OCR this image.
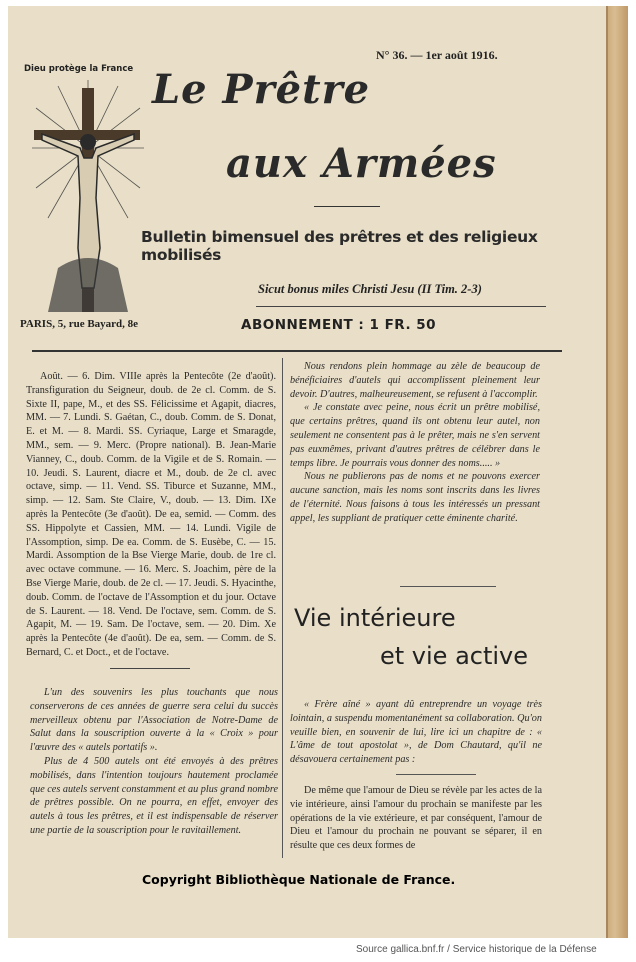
Dieu protège la France
N° 36. — 1er août 1916.
Le Prêtre
aux Armées
Bulletin bimensuel des prêtres et des religieux mobilisés
Sicut bonus miles Christi Jesu (II Tim. 2-3)
PARIS, 5, rue Bayard, 8e	ABONNEMENT : 1 FR. 50

Août. — 6. Dim. VIIIe après la Pentecôte (2e d'août). Transfiguration du Seigneur, doub. de 2e cl. Comm. de S. Sixte II, pape, M., et des SS. Félicissime et Agapit, diacres, MM. — 7. Lundi. S. Gaétan, C., doub. Comm. de S. Donat, E. et M. — 8. Mardi. SS. Cyriaque, Large et Smaragde, MM., sem. — 9. Merc. (Propre national). B. Jean-Marie Vianney, C., doub. Comm. de la Vigile et de S. Romain. — 10. Jeudi. S. Laurent, diacre et M., doub. de 2e cl. avec octave, simp. — 11. Vend. SS. Tiburce et Suzanne, MM., simp. — 12. Sam. Ste Claire, V., doub. — 13. Dim. IXe après la Pentecôte (3e d'août). De ea, semid. — Comm. des SS. Hippolyte et Cassien, MM. — 14. Lundi. Vigile de l'Assomption, simp. De ea. Comm. de S. Eusèbe, C. — 15. Mardi. Assomption de la Bse Vierge Marie, doub. de 1re cl. avec octave commune. — 16. Merc. S. Joachim, père de la Bse Vierge Marie, doub. de 2e cl. — 17. Jeudi. S. Hyacinthe, doub. Comm. de l'octave de l'Assomption et du jour. Octave de S. Laurent. — 18. Vend. De l'octave, sem. Comm. de S. Agapit, M. — 19. Sam. De l'octave, sem. — 20. Dim. Xe après la Pentecôte (4e d'août). De ea, sem. — Comm. de S. Bernard, C. et Doct., et de l'octave.

L'un des souvenirs les plus touchants que nous conserverons de ces années de guerre sera celui du succès merveilleux obtenu par l'Association de Notre-Dame de Salut dans la souscription ouverte à la « Croix » pour l'œuvre des « autels portatifs ».

Plus de 4 500 autels ont été envoyés à des prêtres mobilisés, dans l'intention toujours hautement proclamée que ces autels servent constamment et au plus grand nombre de prêtres possible. On ne pourra, en effet, envoyer des autels à tous les prêtres, et il est indispensable de réserver une partie de la souscription pour le ravitaillement.

Nous rendons plein hommage au zèle de beaucoup de bénéficiaires d'autels qui accomplissent pleinement leur devoir. D'autres, malheureusement, se refusent à l'accomplir.

« Je constate avec peine, nous écrit un prêtre mobilisé, que certains prêtres, quand ils ont obtenu leur autel, non seulement ne consentent pas à le prêter, mais ne s'en servent pas euxmêmes, privant d'autres prêtres de célébrer dans le temps libre. Je pourrais vous donner des noms..... »

Nous ne publierons pas de noms et ne pouvons exercer aucune sanction, mais les noms sont inscrits dans les livres de l'éternité. Nous faisons à tous les intéressés un pressant appel, les suppliant de pratiquer cette éminente charité.

Vie intérieure
et vie active

« Frère aîné » ayant dû entreprendre un voyage très lointain, a suspendu momentanément sa collaboration. Qu'on veuille bien, en souvenir de lui, lire ici un chapitre de : « L'âme de tout apostolat », de Dom Chautard, qu'il ne désavouera certainement pas :

De même que l'amour de Dieu se révèle par les actes de la vie intérieure, ainsi l'amour du prochain se manifeste par les opérations de la vie extérieure, et par conséquent, l'amour de Dieu et l'amour du prochain ne pouvant se séparer, il en résulte que ces deux formes de

Copyright Bibliothèque Nationale de France.
Source gallica.bnf.fr / Service historique de la Défense
